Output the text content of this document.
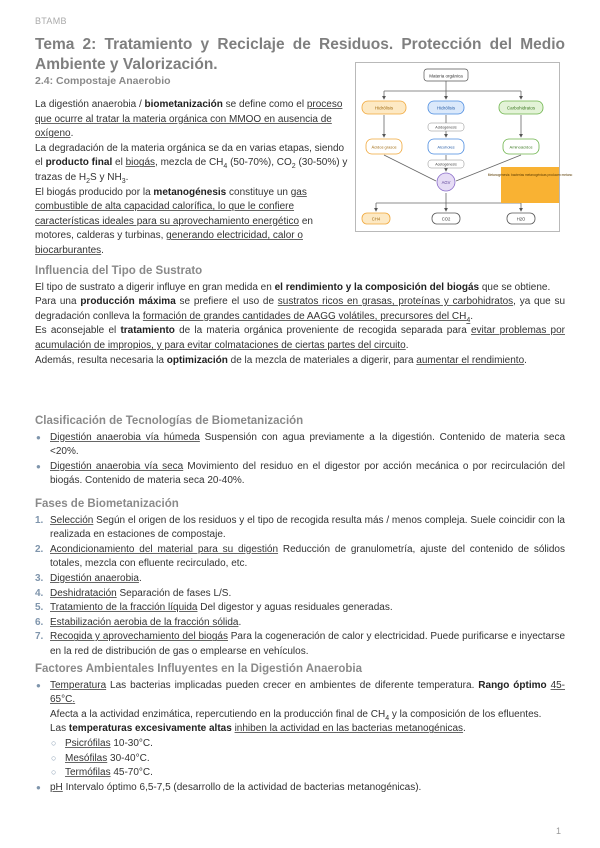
BTAMB
Tema 2: Tratamiento y Reciclaje de Residuos. Protección del Medio Ambiente y Valorización.
2.4: Compostaje Anaerobio

La digestión anaerobia / biometanización se define como el proceso que ocurre al tratar la materia orgánica con MMOO en ausencia de oxígeno.

La degradación de la materia orgánica se da en varias etapas, siendo el producto final el biogás, mezcla de $CH_4$ (50-70%), $CO_2$ (30-50%) y trazas de $H_2S$ y $NH_3$.

El biogás producido por la metanogénesis constituye un gas combustible de alta capacidad calorífica, lo que le confiere características ideales para su aprovechamiento energético en motores, calderas y turbinas, generando electricidad, calor o biocarburantes.

Materia orgánica
Hidrólisis	Hidrólisis	Carbohidratos
Acidogénesis
Ácidos grasos	Alcoholes	Aminoácidos
Acetogénesis
AGV
Metanogénesis: bacterias metanogénicas producen metano
CH4	CO2	H2O
Influencia del Tipo de Sustrato

El tipo de sustrato a digerir influye en gran medida en el rendimiento y la composición del biogás que se obtiene.

Para una producción máxima se prefiere el uso de sustratos ricos en grasas, proteínas y carbohidratos, ya que su degradación conlleva la formación de grandes cantidades de AAGG volátiles, precursores del $CH_4$.

Es aconsejable el tratamiento de la materia orgánica proveniente de recogida separada para evitar problemas por acumulación de impropios, y para evitar colmataciones de ciertas partes del circuito.

Además, resulta necesaria la optimización de la mezcla de materiales a digerir, para aumentar el rendimiento.

Clasificación de Tecnologías de Biometanización
● Digestión anaerobia vía húmeda Suspensión con agua previamente a la digestión. Contenido de materia seca <20%.
● Digestión anaerobia vía seca Movimiento del residuo en el digestor por acción mecánica o por recirculación del biogás. Contenido de materia seca 20-40%.
Fases de Biometanización
1. Selección Según el origen de los residuos y el tipo de recogida resulta más / menos compleja. Suele coincidir con la realizada en estaciones de compostaje.
2. Acondicionamiento del material para su digestión Reducción de granulometría, ajuste del contenido de sólidos totales, mezcla con efluente recirculado, etc.
3. Digestión anaerobia.
4. Deshidratación Separación de fases L/S.
5. Tratamiento de la fracción líquida Del digestor y aguas residuales generadas.
6. Estabilización aerobia de la fracción sólida.
7. Recogida y aprovechamiento del biogás Para la cogeneración de calor y electricidad. Puede purificarse e inyectarse en la red de distribución de gas o emplearse en vehículos.
Factores Ambientales Influyentes en la Digestión Anaerobia
● Temperatura Las bacterias implicadas pueden crecer en ambientes de diferente temperatura. Rango óptimo 45-65°C.
Afecta a la actividad enzimática, repercutiendo en la producción final de $CH_4$ y la composición de los efluentes.
Las temperaturas excesivamente altas inhiben la actividad en las bacterias metanogénicas.
○ Psicrófilas 10-30°C.
○ Mesófilas 30-40°C.
○ Termófilas 45-70°C.
● pH Intervalo óptimo 6,5-7,5 (desarrollo de la actividad de bacterias metanogénicas).
1
